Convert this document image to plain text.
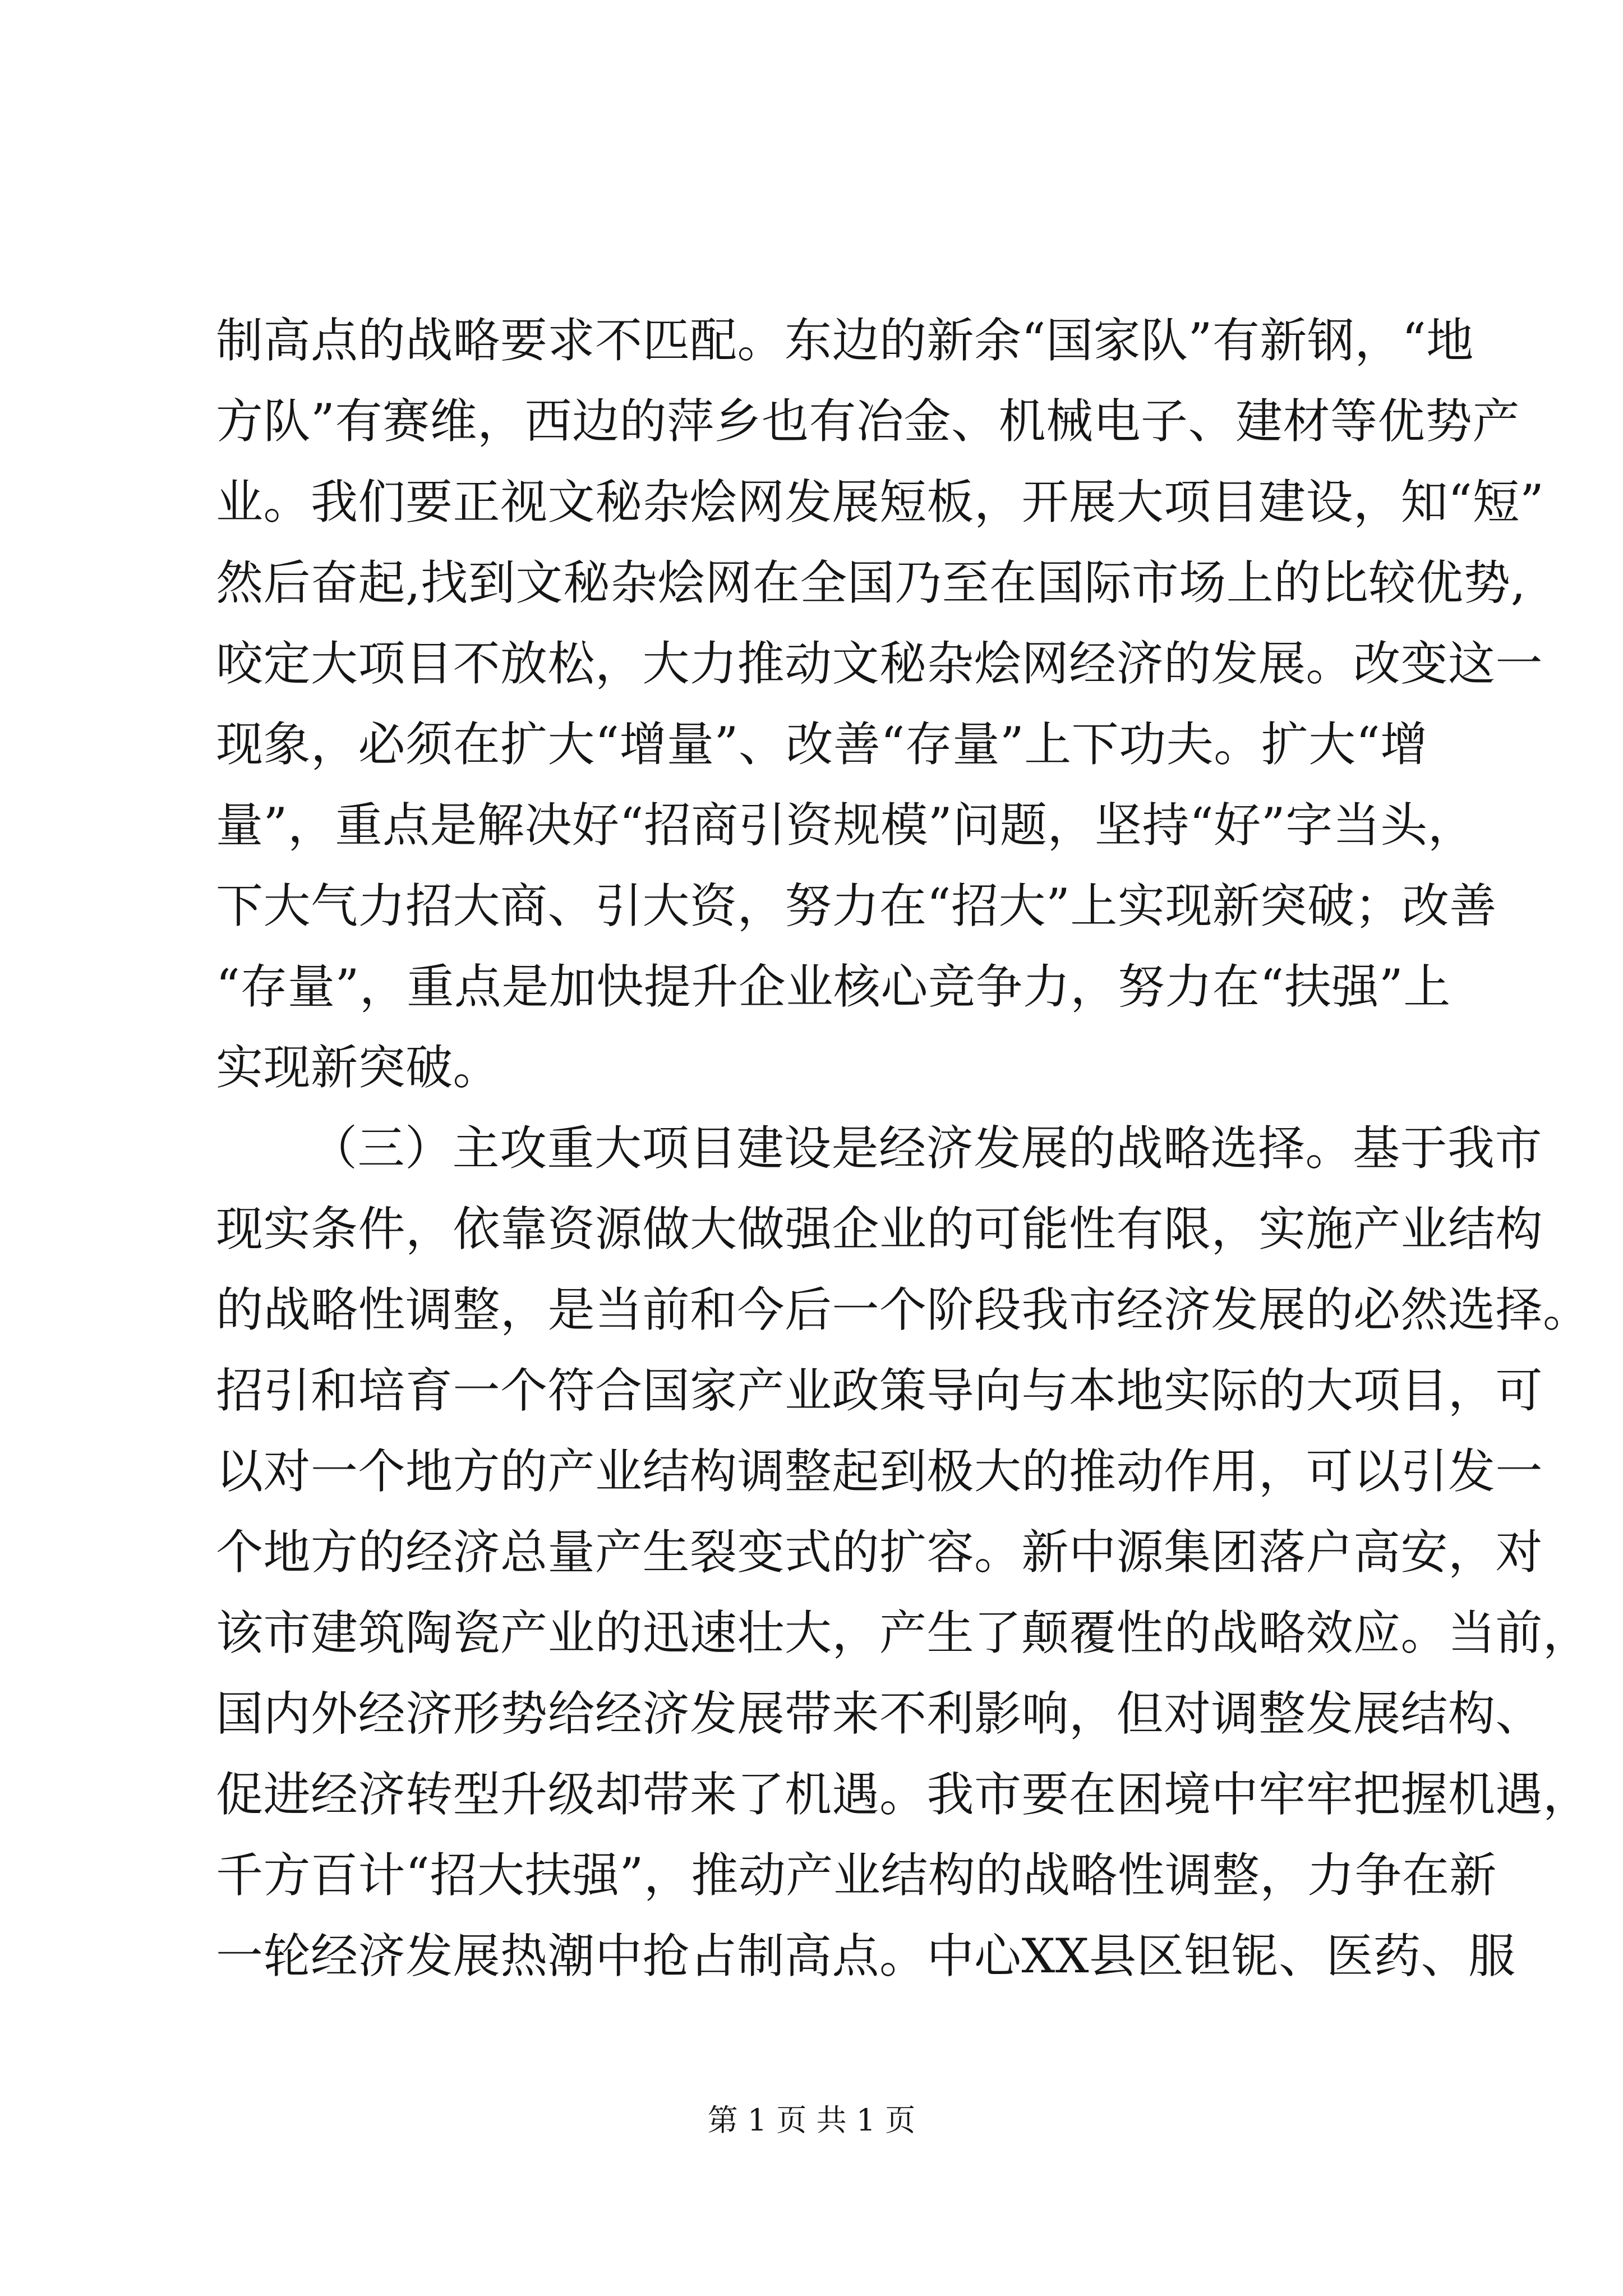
制高点的战略要求不匹配。东边的新余“国家队”有新钢，“地
方队”有赛维，西边的萍乡也有冶金、机械电子、建材等优势产
业。我们要正视文秘杂烩网发展短板，开展大项目建设，知“短”
然后奋起,找到文秘杂烩网在全国乃至在国际市场上的比较优势,
咬定大项目不放松，大力推动文秘杂烩网经济的发展。改变这一
现象，必须在扩大“增量”、改善“存量”上下功夫。扩大“增
量”，重点是解决好“招商引资规模”问题，坚持“好”字当头，
下大气力招大商、引大资，努力在“招大”上实现新突破；改善
“存量”，重点是加快提升企业核心竞争力，努力在“扶强”上
实现新突破。
（三）主攻重大项目建设是经济发展的战略选择。基于我市
现实条件，依靠资源做大做强企业的可能性有限，实施产业结构
的战略性调整，是当前和今后一个阶段我市经济发展的必然选择。
招引和培育一个符合国家产业政策导向与本地实际的大项目，可
以对一个地方的产业结构调整起到极大的推动作用，可以引发一
个地方的经济总量产生裂变式的扩容。新中源集团落户高安，对
该市建筑陶瓷产业的迅速壮大，产生了颠覆性的战略效应。当前，
国内外经济形势给经济发展带来不利影响，但对调整发展结构、
促进经济转型升级却带来了机遇。我市要在困境中牢牢把握机遇，
千方百计“招大扶强”，推动产业结构的战略性调整，力争在新
一轮经济发展热潮中抢占制高点。中心XX县区钽铌、医药、服
第 1 页 共 1 页
